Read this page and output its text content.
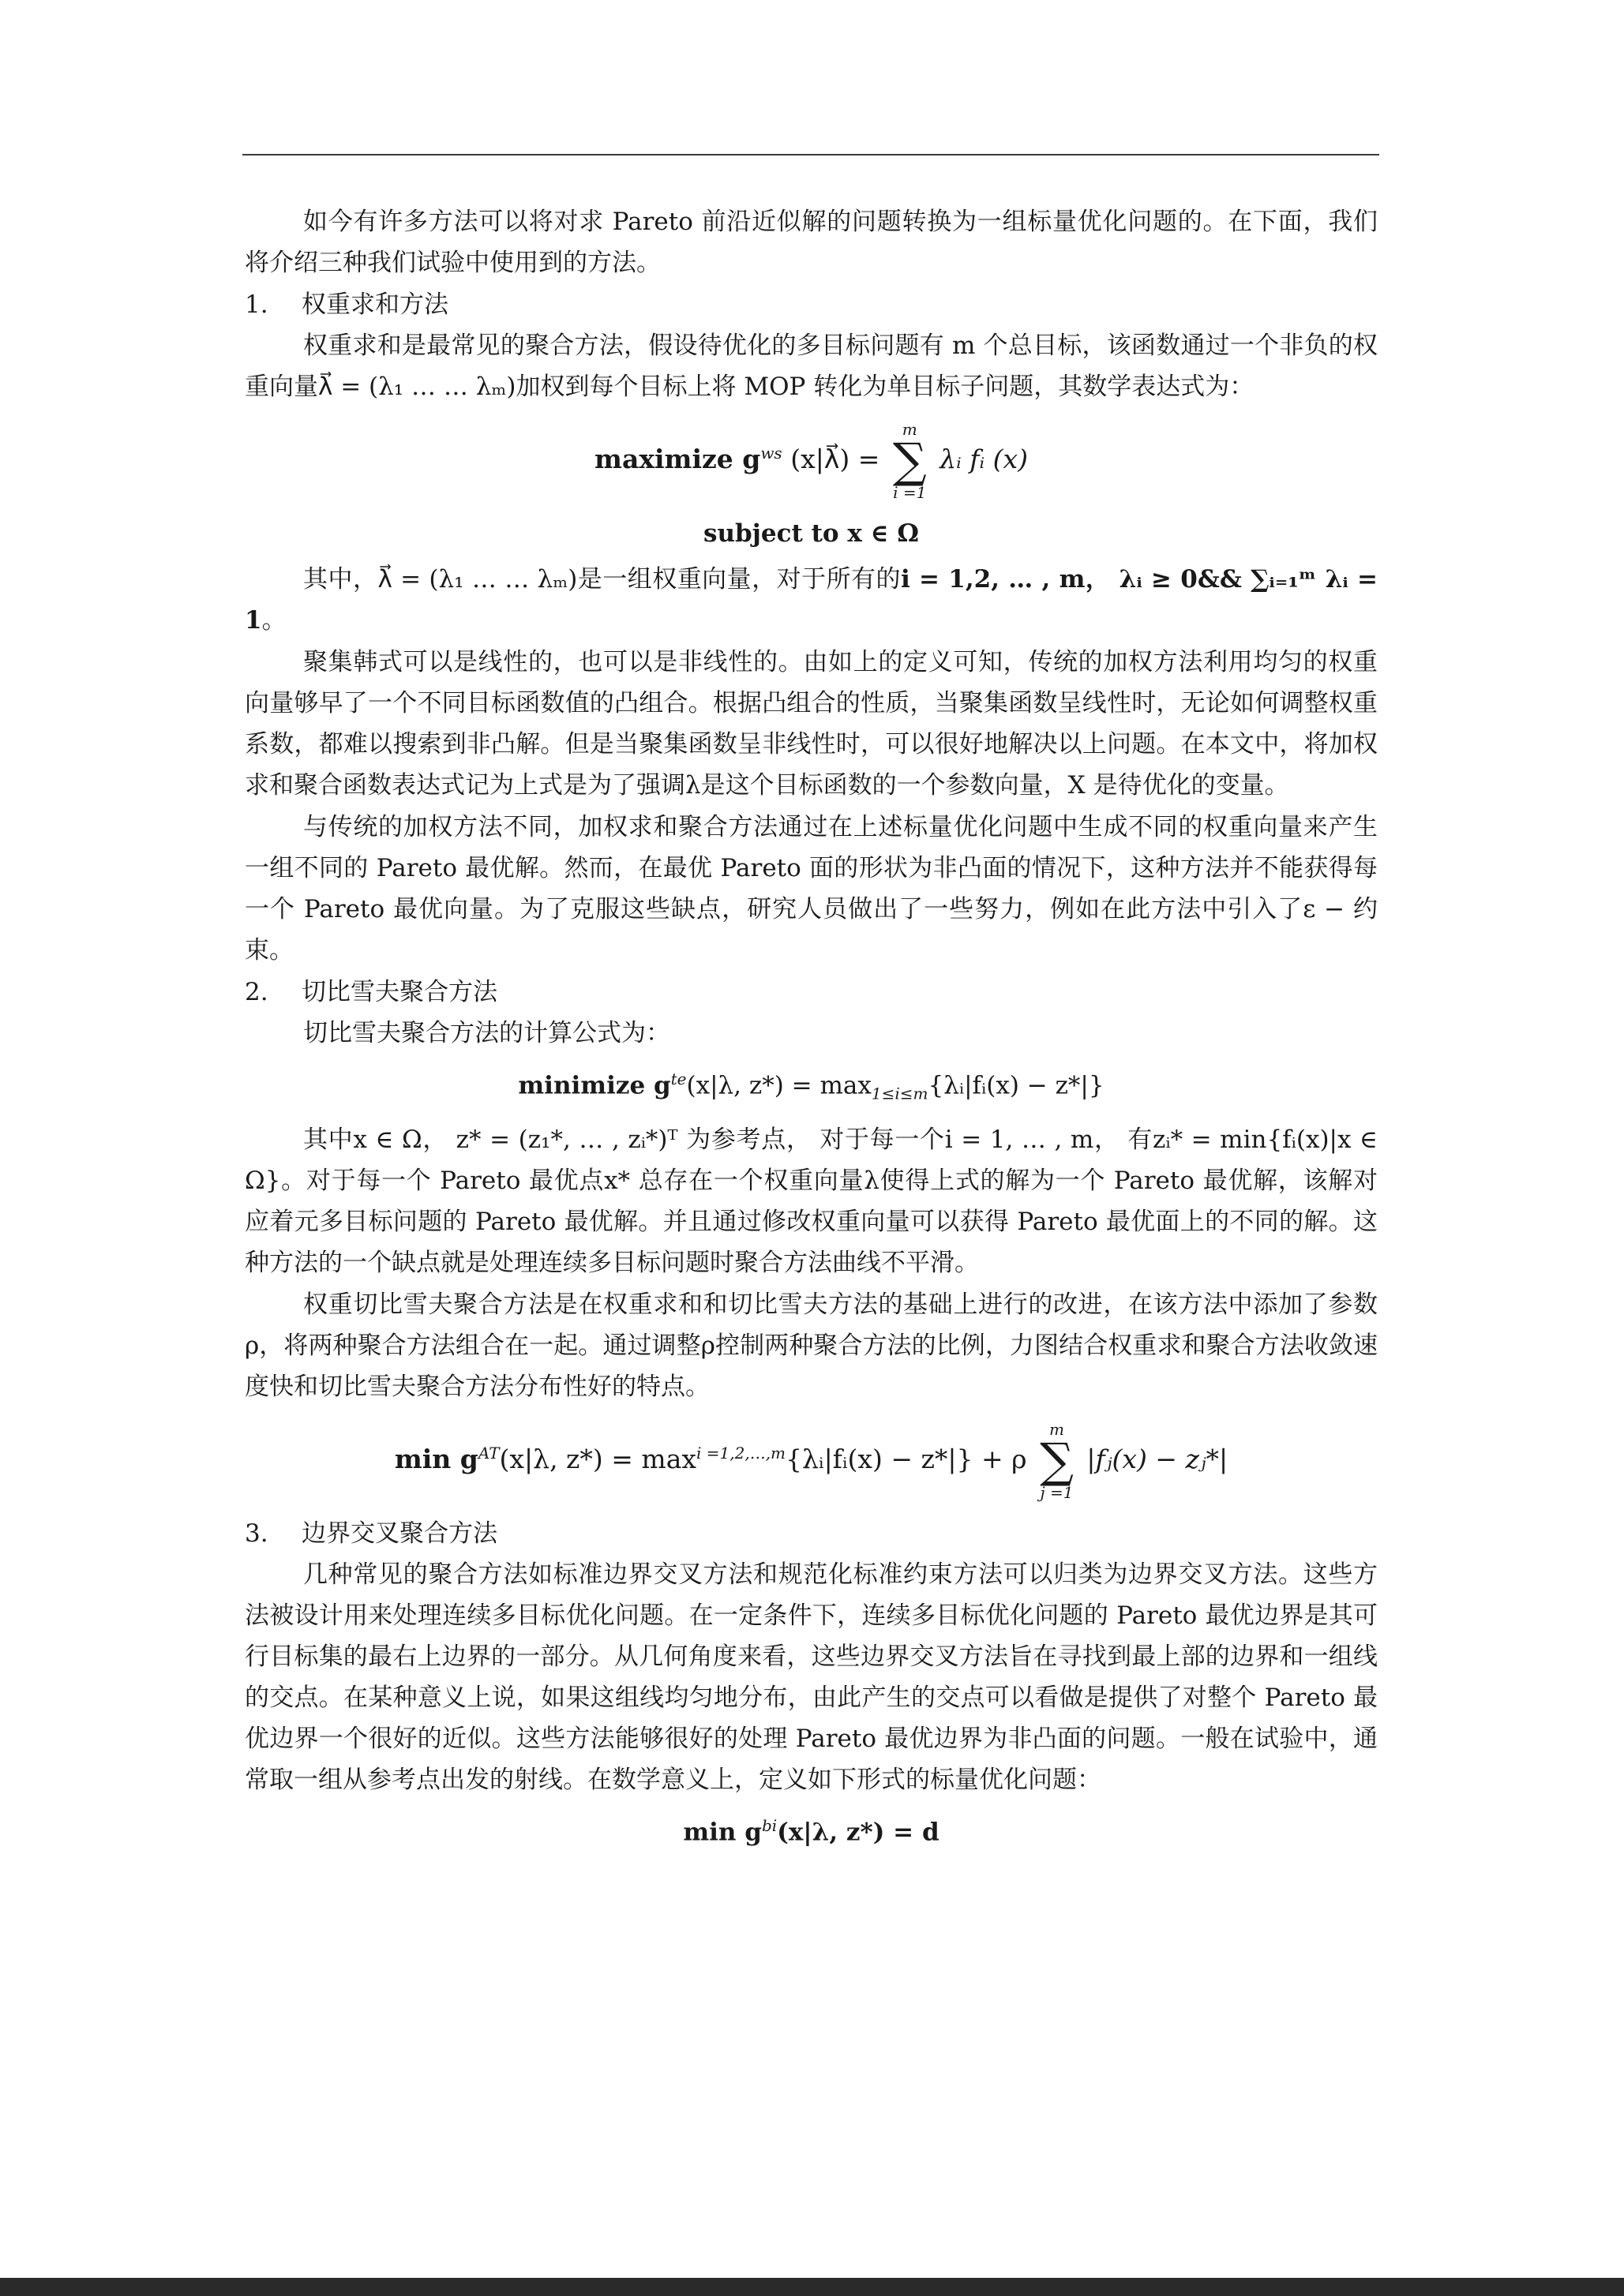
如今有许多方法可以将对求 Pareto 前沿近似解的问题转换为一组标量优化问题的。在下面，我们将介绍三种我们试验中使用到的方法。

1. 权重求和方法

权重求和是最常见的聚合方法，假设待优化的多目标问题有 m 个总目标，该函数通过一个非负的权重向量λ⃗ = (λ₁ … … λₘ)加权到每个目标上将 MOP 转化为单目标子问题，其数学表达式为：

maximize $g^{ws}$ (x|λ⃗) =
m
∑
i =1
λᵢ fᵢ (x)
subject to x ∈ Ω

其中，λ⃗ = (λ₁ … … λₘ)是一组权重向量，对于所有的i = 1,2, … , m， λᵢ ≥ 0&& ∑ᵢ₌₁ᵐ λᵢ = 1。

聚集韩式可以是线性的，也可以是非线性的。由如上的定义可知，传统的加权方法利用均匀的权重向量够早了一个不同目标函数值的凸组合。根据凸组合的性质，当聚集函数呈线性时，无论如何调整权重系数，都难以搜索到非凸解。但是当聚集函数呈非线性时，可以很好地解决以上问题。在本文中，将加权求和聚合函数表达式记为上式是为了强调λ是这个目标函数的一个参数向量，X 是待优化的变量。

与传统的加权方法不同，加权求和聚合方法通过在上述标量优化问题中生成不同的权重向量来产生一组不同的 Pareto 最优解。然而，在最优 Pareto 面的形状为非凸面的情况下，这种方法并不能获得每一个 Pareto 最优向量。为了克服这些缺点，研究人员做出了一些努力，例如在此方法中引入了ε − 约束。

2. 切比雪夫聚合方法

切比雪夫聚合方法的计算公式为：

minimize $g^{te}(x|\lambda$, $z*) = \max_{1\le i\le m}\{\lambda ᵢ|fᵢ(x) - z*|\}$

其中x ∈ Ω， z* = (z₁*, … , zᵢ*)ᵀ 为参考点， 对于每一个i = 1, … , m， 有zᵢ* = min{fᵢ(x)|x ∈ Ω}。对于每一个 Pareto 最优点x* 总存在一个权重向量λ使得上式的解为一个 Pareto 最优解，该解对应着元多目标问题的 Pareto 最优解。并且通过修改权重向量可以获得 Pareto 最优面上的不同的解。这种方法的一个缺点就是处理连续多目标问题时聚合方法曲线不平滑。

权重切比雪夫聚合方法是在权重求和和切比雪夫方法的基础上进行的改进，在该方法中添加了参数ρ，将两种聚合方法组合在一起。通过调整ρ控制两种聚合方法的比例，力图结合权重求和聚合方法收敛速度快和切比雪夫聚合方法分布性好的特点。

$\min g^{AT}(x|\lambda$, $z*) = \max^{i =1,2,\dots,m}\{\lambda ᵢ|fᵢ(x) - z*|\} + \rho$
m
∑
j =1
|fⱼ(x) − zⱼ*|

3. 边界交叉聚合方法

几种常见的聚合方法如标准边界交叉方法和规范化标准约束方法可以归类为边界交叉方法。这些方法被设计用来处理连续多目标优化问题。在一定条件下，连续多目标优化问题的 Pareto 最优边界是其可行目标集的最右上边界的一部分。从几何角度来看，这些边界交叉方法旨在寻找到最上部的边界和一组线的交点。在某种意义上说，如果这组线均匀地分布，由此产生的交点可以看做是提供了对整个 Pareto 最优边界一个很好的近似。这些方法能够很好的处理 Pareto 最优边界为非凸面的问题。一般在试验中，通常取一组从参考点出发的射线。在数学意义上，定义如下形式的标量优化问题：

$\min g^{bi}(x|\lambda$, z*) = d
